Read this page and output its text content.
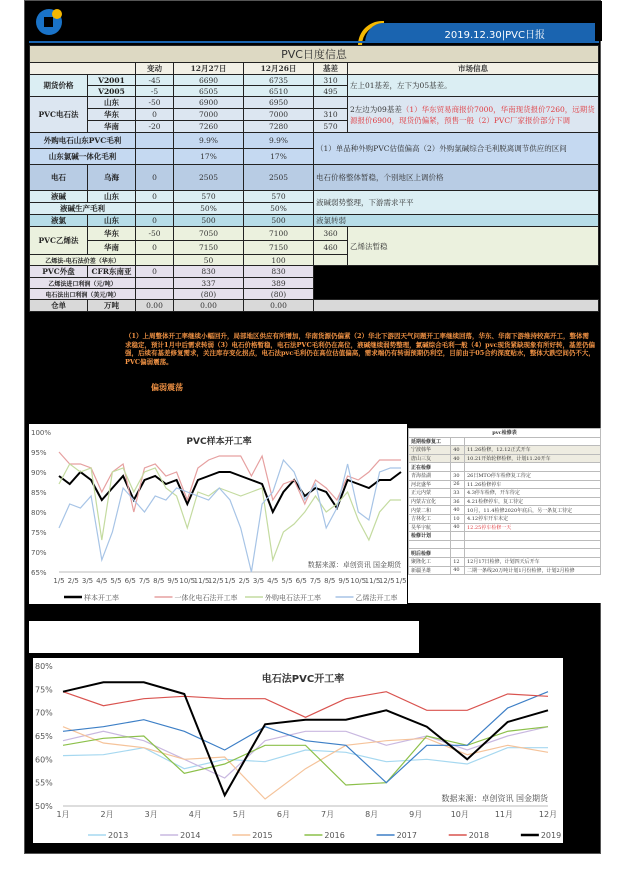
2019.12.30|PVC日报
PVC日度信息						
		变动	12月27日	12月26日	基差	市场信息
期货价格	V2001	-45	6690	6735	310	左上01基差，左下为05基差。
	V2005	-5	6505	6510	495	
PVC电石法	山东	-50	6900	6950		2左边为09基差（1）华东贸易商报价7000，华南现货报价7260，远期货源报价6900，现货仍偏紧，预售一般（2）PVC厂家报价部分下调
	华东	0	7000	7000	310	
	华南	-20	7260	7280	570	
外购电石山东PVC毛利			9.9%	9.9%	（1）单品种外购PVC估值偏高（2）外购氯碱综合毛利脱离调节供应的区间	
山东氯碱一体化毛利			17%	17%		
电石	乌海	0	2505	2505	电石价格整体暂稳，个别地区上调价格	
液碱	山东	0	570	570	液碱弱势整理，下游需求平平	
液碱生产毛利			50%	50%		
液氯	山东	0	500	500	液氯转弱	
PVC乙烯法	华东	-50	7050	7100	360	乙烯法暂稳
	华南	0	7150	7150	460	
乙烯法-电石法价差（华东）			50	100		
PVC外盘	CFR东南亚	0	830	830		
乙烯法进口利润（元/吨）			337	389		
电石法出口利润（美元/吨）			(80)	(80)		
仓单	万吨	0.00	0.00	0.00		
（1）上周整体开工率继续小幅回升，局部地区供应有所增加，华南货源仍偏紧（2）华北下游因天气问题开工率继续回落，华东、华南下游维持较高开工，整体需求稳定，预计1月中后需求转弱（3）电石价格暂稳，电石法PVC毛利仍在高位，液碱继续弱势整理，氯碱综合毛利一般（4）pvc现货紧缺现象有所好转，基差仍偏强，后续有基差修复需求，关注库存变化拐点，电石法pvc毛利仍在高位估值偏高，需求端仍有转弱预期仍利空，目前由于05合约深度贴水，整体大跌空间仍不大，PVC偏弱震荡。
偏弱震荡
100%
95%
90%
85%
80%
75%
70%
65%
1/5 2/5 3/5 4/5 5/5 6/5 7/5 8/5 9/5 10/5
11/5
12/5 1/5 2/5 3/5 4/5 5/5 6/5 7/5 8/5 9/5 10/5
11/5
12/5 1/5
PVC样本开工率
数据来源：卓创资讯 国金期货
样本开工率	一体化电石法开工率	外购电石法开工率	乙烯法开工率
pvc检修表		
延期检修复工		
宁波韩华	40	11.26检修，12.12正式开车
唐山三友	40	10.21开始轮修检修，计划11.20开车
正在检修		
青海盐湖	30	26日MTO停车检修复工待定
河北盛华	26	11.26检修停车
正元内蒙	33	4.3停车检修，开车待定
内蒙古宜化	36	4.21检修停车，复工待定
内蒙二和	40	10月，11.4检修2020年底后，另一条复工待定
吉林化工	10	4.12停车开车未定
昊华宇航	40	12.25停车检修一天
检修计划		

明后检修		
聚隆化工	12	12月17日检修，计划四天后开车
新疆圣雄	40	二期一条线20万吨计划1月份检修，计划2月检修
80%
75%
70%
65%
60%
55%
50%
1月	2月	3月	4月	5月	6月	7月	8月	9月	10月	11月	12月
电石法PVC开工率
数据来源：卓创资讯 国金期货
2013	2014	2015	2016	2017	2018	2019
